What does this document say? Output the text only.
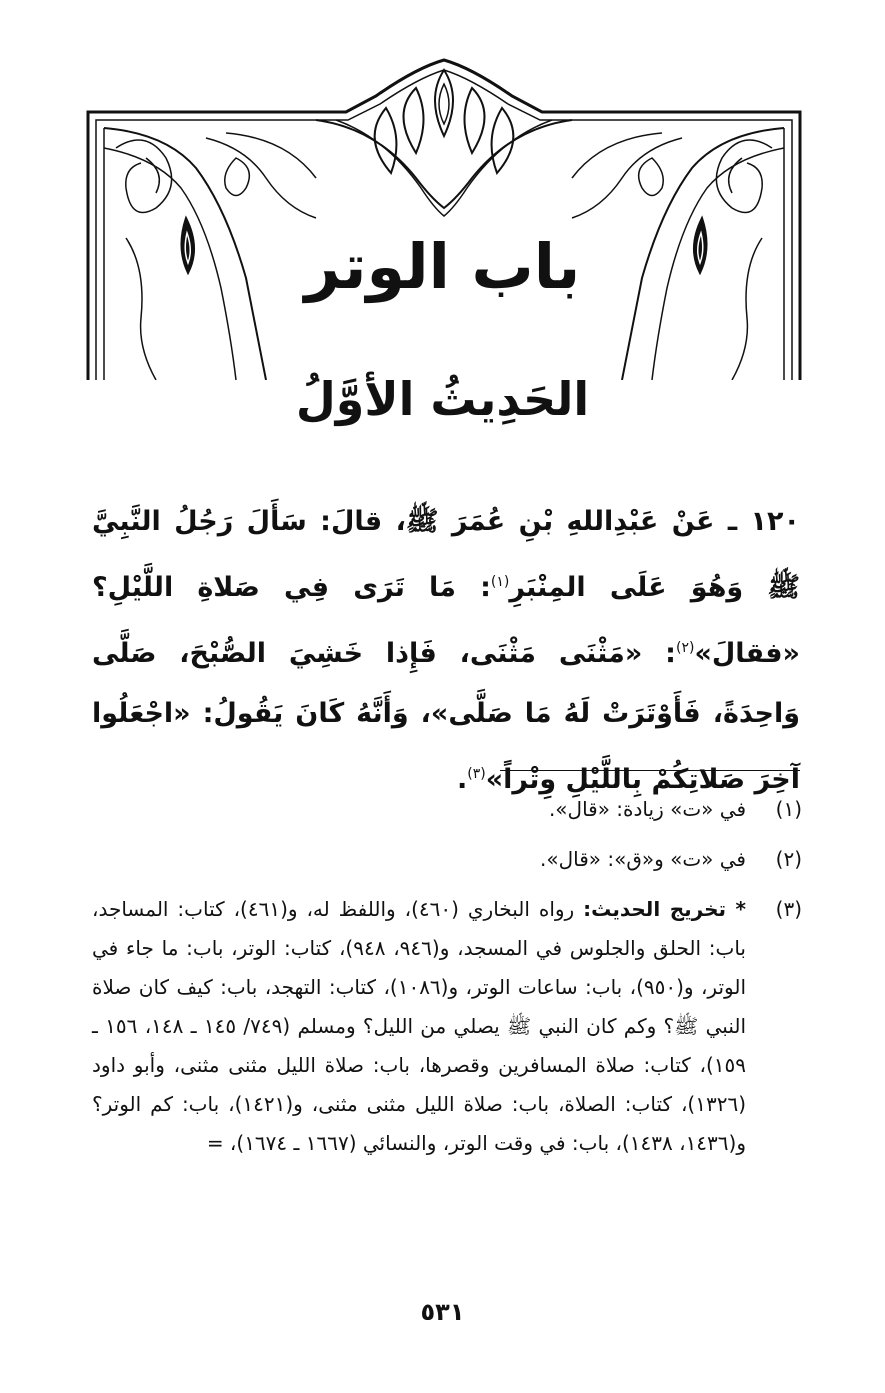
باب الوتر
الحَدِيثُ الأوَّلُ
١٢٠ ـ عَنْ عَبْدِاللهِ بْنِ عُمَرَ ﷺ، قالَ: سَأَلَ رَجُلُ النَّبِيَّ ﷺ وَهُوَ عَلَى المِنْبَرِ$^{(١)}$: مَا تَرَى فِي صَلاةِ اللَّيْلِ؟ «فقالَ»$^{(٢)}$: «مَثْنَى مَثْنَى، فَإِذا خَشِيَ الصُّبْحَ، صَلَّى وَاحِدَةً، فَأَوْتَرَتْ لَهُ مَا صَلَّى»، وَأَنَّهُ كَانَ يَقُولُ: «اجْعَلُوا آخِرَ صَلاتِكُمْ بِاللَّيْلِ وِتْراً»$^{(٣)}$.
(١)
في «ت» زيادة: «قال».
(٢)
في «ت» و«ق»: «قال».
(٣)
* تخريج الحديث: رواه البخاري (٤٦٠)، واللفظ له، و(٤٦١)، كتاب: المساجد، باب: الحلق والجلوس في المسجد، و(٩٤٦، ٩٤٨)، كتاب: الوتر، باب: ما جاء في الوتر، و(٩٥٠)، باب: ساعات الوتر، و(١٠٨٦)، كتاب: التهجد، باب: كيف كان صلاة النبي ﷺ؟ وكم كان النبي ﷺ يصلي من الليل؟ ومسلم (٧٤٩/ ١٤٥ ـ ١٤٨، ١٥٦ ـ ١٥٩)، كتاب: صلاة المسافرين وقصرها، باب: صلاة الليل مثنى مثنى، وأبو داود (١٣٢٦)، كتاب: الصلاة، باب: صلاة الليل مثنى مثنى، و(١٤٢١)، باب: كم الوتر؟ و(١٤٣٦، ١٤٣٨)، باب: في وقت الوتر، والنسائي (١٦٦٧ ـ ١٦٧٤)، =
٥٣١
